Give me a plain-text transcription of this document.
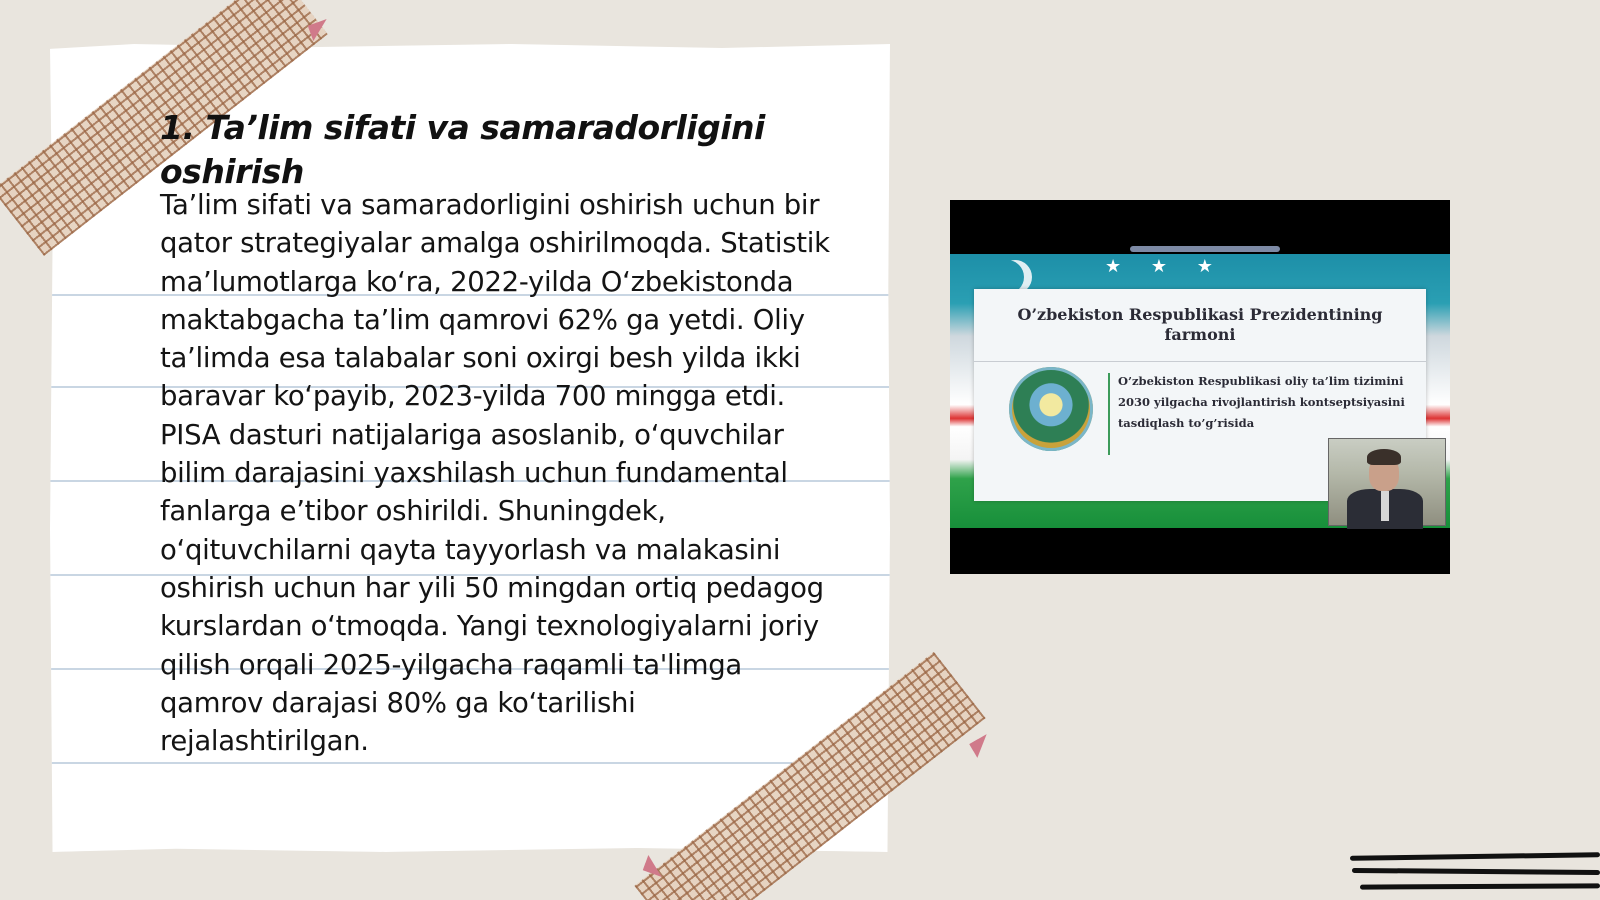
1. Ta’lim sifati va samaradorligini oshirish

Ta’lim sifati va samaradorligini oshirish uchun bir qator strategiyalar amalga oshirilmoqda. Statistik ma’lumotlarga ko‘ra, 2022-yilda O‘zbekistonda maktabgacha ta’lim qamrovi 62% ga yetdi. Oliy ta’limda esa talabalar soni oxirgi besh yilda ikki baravar ko‘payib, 2023-yilda 700 mingga etdi. PISA dasturi natijalariga asoslanib, o‘quvchilar bilim darajasini yaxshilash uchun fundamental fanlarga e’tibor oshirildi. Shuningdek, o‘qituvchilarni qayta tayyorlash va malakasini oshirish uchun har yili 50 mingdan ortiq pedagog kurslardan o‘tmoqda. Yangi texnologiyalarni joriy qilish orqali 2025-yilgacha raqamli ta'limga qamrov darajasi 80% ga ko‘tarilishi rejalashtirilgan.

★ ★ ★
O’zbekiston Respublikasi Prezidentining farmoni
O’zbekiston Respublikasi oliy ta’lim tizimini 2030 yilgacha rivojlantirish kontseptsiyasini tasdiqlash to’g’risida
